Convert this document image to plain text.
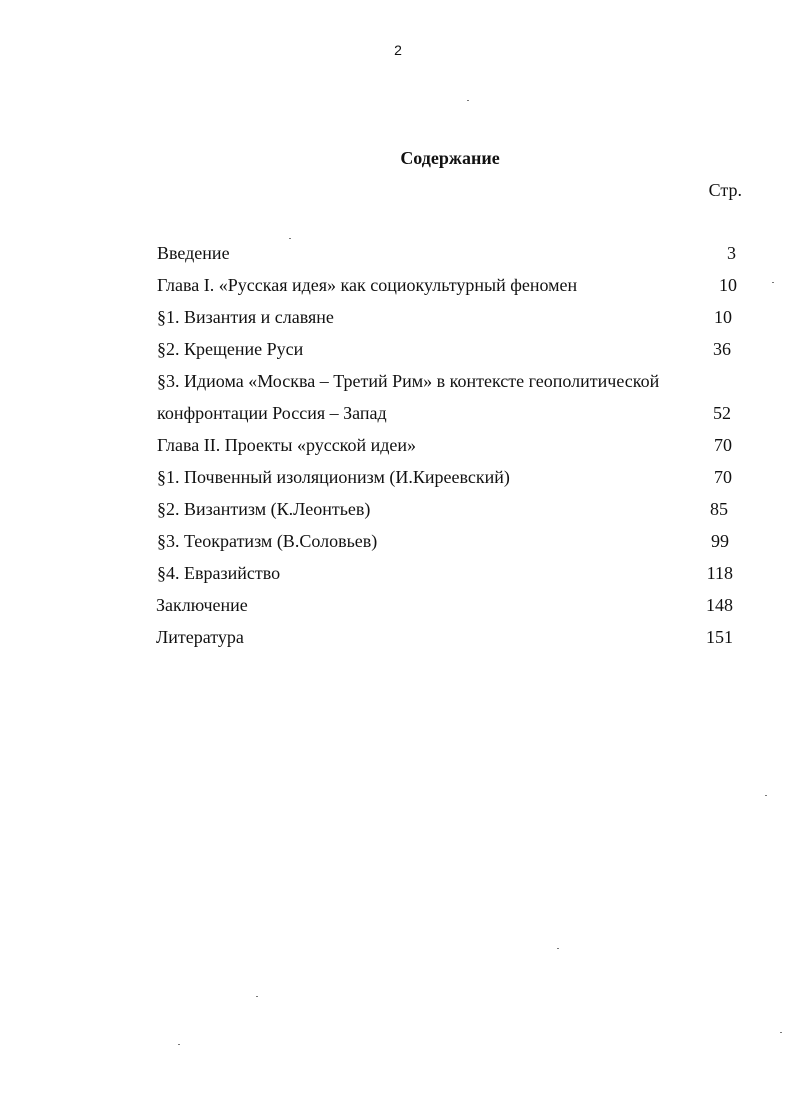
2
Содержание
Стр.
Введение	3
Глава I. «Русская идея» как социокультурный феномен	10
§1. Византия и славяне	10
§2. Крещение Руси	36
§3. Идиома «Москва – Третий Рим» в контексте геополитической
конфронтации Россия – Запад	52
Глава II. Проекты «русской идеи»	70
§1. Почвенный изоляционизм (И.Киреевский)	70
§2. Византизм (К.Леонтьев)	85
§3. Теократизм (В.Соловьев)	99
§4. Евразийство	118
Заключение	148
Литература	151
